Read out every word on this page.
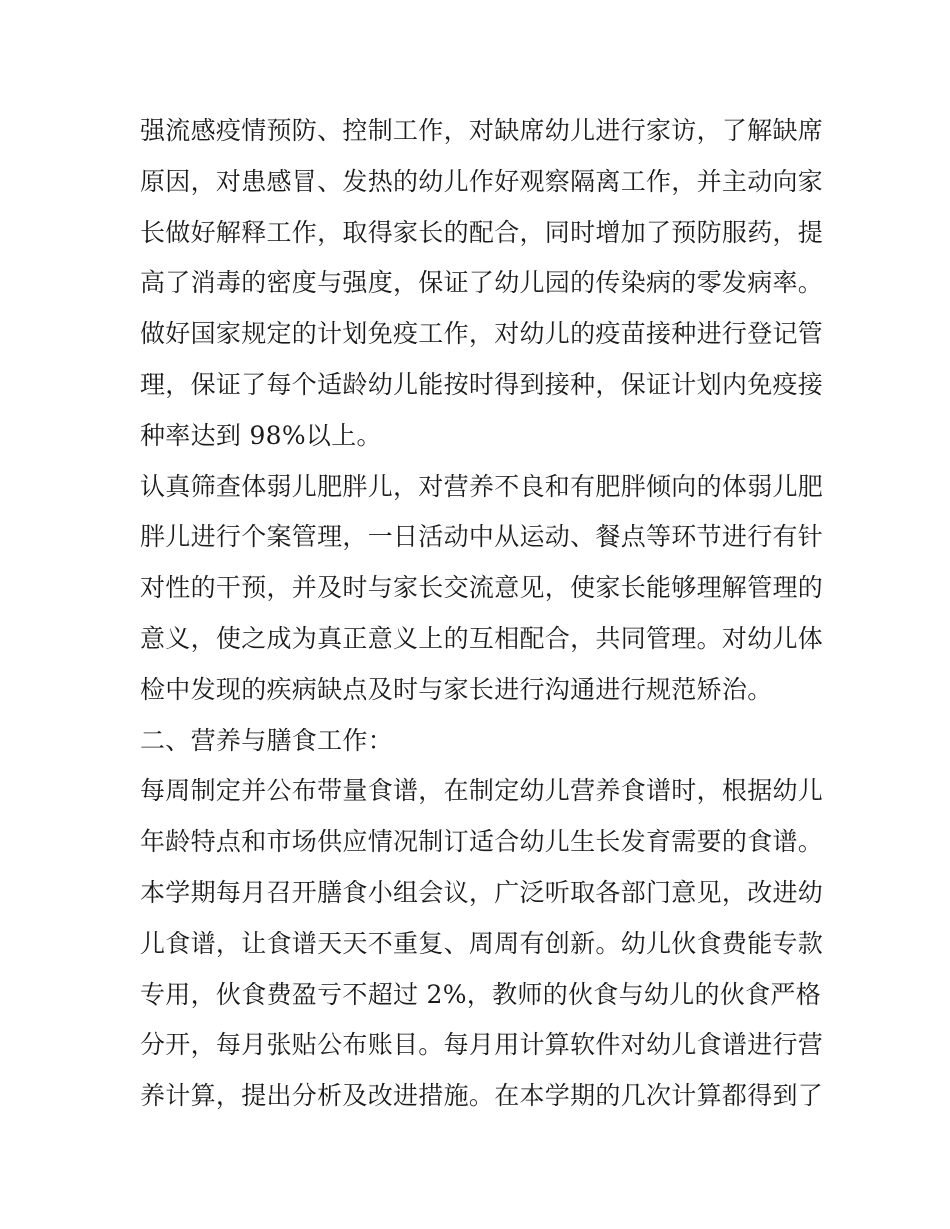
强流感疫情预防、控制工作，对缺席幼儿进行家访，了解缺席
原因，对患感冒、发热的幼儿作好观察隔离工作，并主动向家
长做好解释工作，取得家长的配合，同时增加了预防服药，提
高了消毒的密度与强度，保证了幼儿园的传染病的零发病率。
做好国家规定的计划免疫工作，对幼儿的疫苗接种进行登记管
理，保证了每个适龄幼儿能按时得到接种，保证计划内免疫接
种率达到 98%以上。
认真筛查体弱儿肥胖儿，对营养不良和有肥胖倾向的体弱儿肥
胖儿进行个案管理，一日活动中从运动、餐点等环节进行有针
对性的干预，并及时与家长交流意见，使家长能够理解管理的
意义，使之成为真正意义上的互相配合，共同管理。对幼儿体
检中发现的疾病缺点及时与家长进行沟通进行规范矫治。
二、营养与膳食工作：
每周制定并公布带量食谱，在制定幼儿营养食谱时，根据幼儿
年龄特点和市场供应情况制订适合幼儿生长发育需要的食谱。
本学期每月召开膳食小组会议，广泛听取各部门意见，改进幼
儿食谱，让食谱天天不重复、周周有创新。幼儿伙食费能专款
专用，伙食费盈亏不超过 2%，教师的伙食与幼儿的伙食严格
分开，每月张贴公布账目。每月用计算软件对幼儿食谱进行营
养计算，提出分析及改进措施。在本学期的几次计算都得到了
